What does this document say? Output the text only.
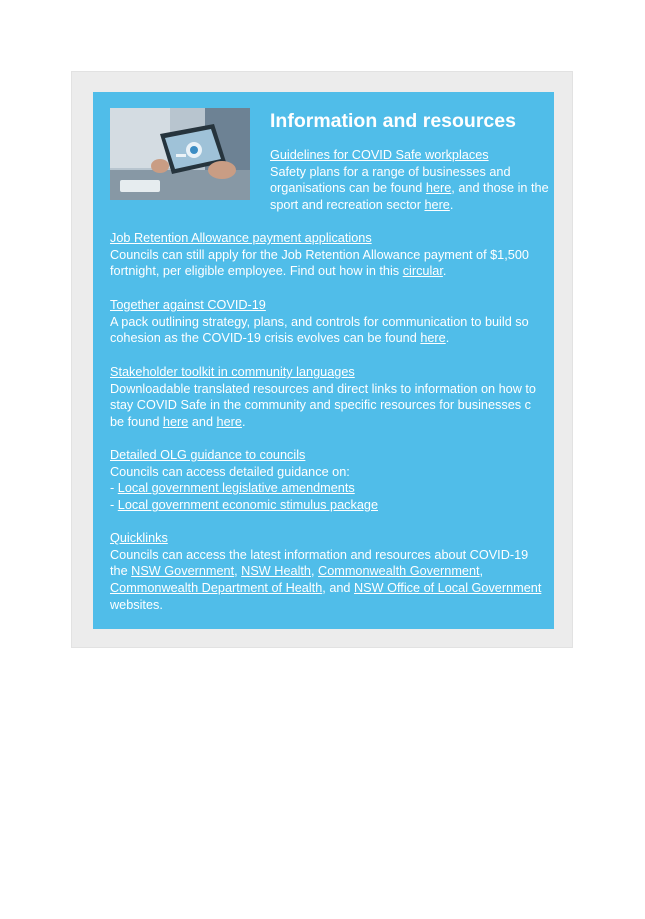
Information and resources
Guidelines for COVID Safe workplaces
Safety plans for a range of businesses and
organisations can be found here, and those in the
sport and recreation sector here.
Job Retention Allowance payment applications
Councils can still apply for the Job Retention Allowance payment of $1,500
fortnight, per eligible employee. Find out how in this circular.
Together against COVID-19
A pack outlining strategy, plans, and controls for communication to build so
cohesion as the COVID-19 crisis evolves can be found here.
Stakeholder toolkit in community languages
Downloadable translated resources and direct links to information on how to
stay COVID Safe in the community and specific resources for businesses c
be found here and here.
Detailed OLG guidance to councils
Councils can access detailed guidance on:
- Local government legislative amendments
- Local government economic stimulus package
Quicklinks
Councils can access the latest information and resources about COVID-19
the NSW Government, NSW Health, Commonwealth Government,
Commonwealth Department of Health, and NSW Office of Local Government
websites.
